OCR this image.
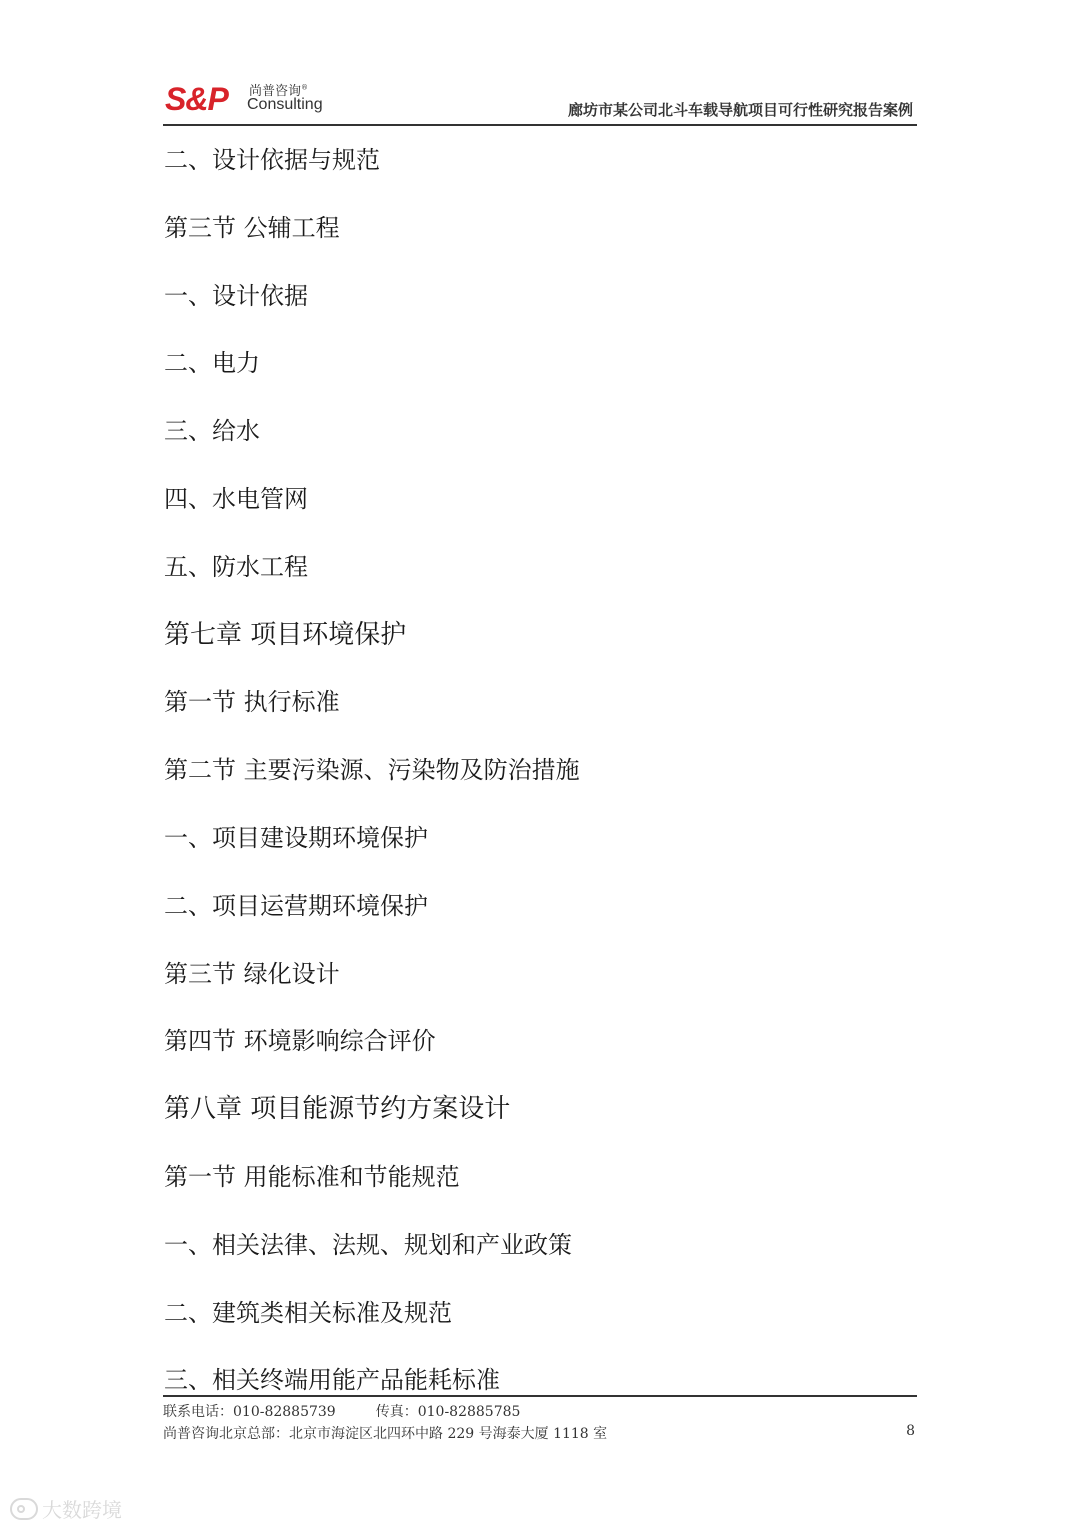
S&P 尚普咨询®
Consulting	廊坊市某公司北斗车载导航项目可行性研究报告案例
二、设计依据与规范
第三节 公辅工程
一、设计依据
二、电力
三、给水
四、水电管网
五、防水工程
第七章 项目环境保护
第一节 执行标准
第二节 主要污染源、污染物及防治措施
一、项目建设期环境保护
二、项目运营期环境保护
第三节 绿化设计
第四节 环境影响综合评价
第八章 项目能源节约方案设计
第一节 用能标准和节能规范
一、相关法律、法规、规划和产业政策
二、建筑类相关标准及规范
三、相关终端用能产品能耗标准
联系电话：010-82885739	传真：010-82885785
尚普咨询北京总部：北京市海淀区北四环中路 229 号海泰大厦 1118 室	8
大数跨境
